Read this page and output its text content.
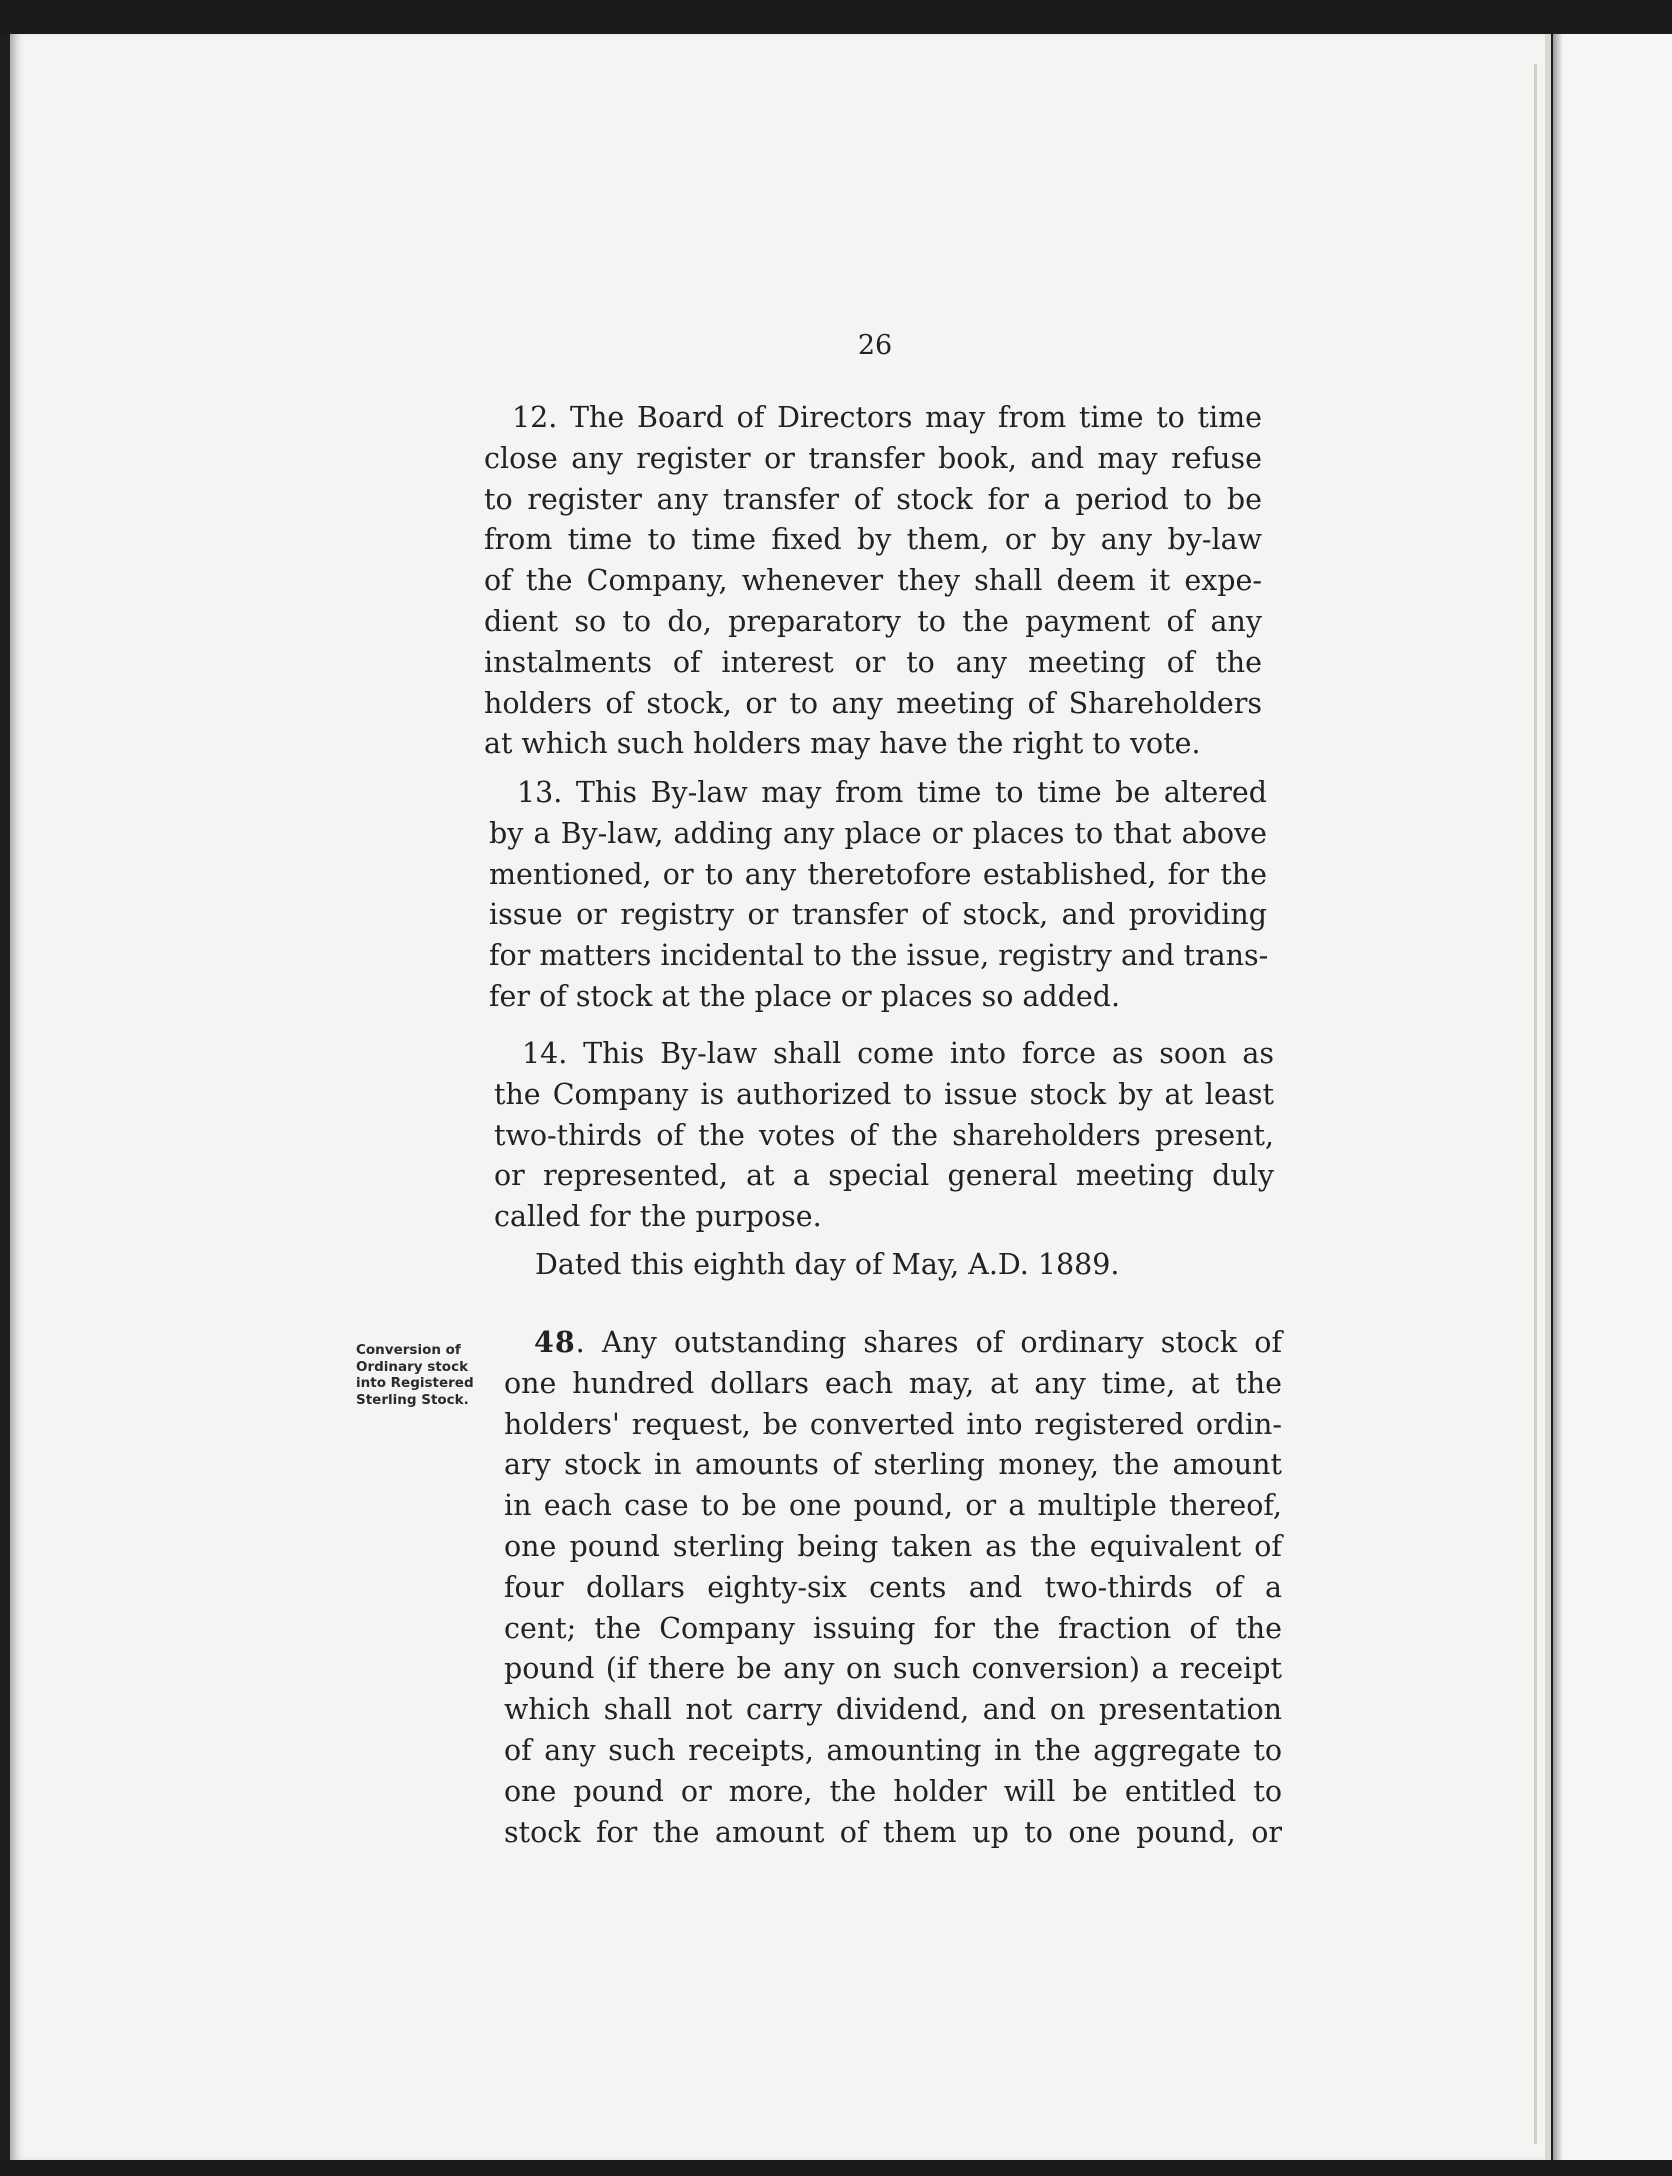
26
12. The Board of Directors may from time to time
close any register or transfer book, and may refuse
to register any transfer of stock for a period to be
from time to time fixed by them, or by any by-law
of the Company, whenever they shall deem it expe-
dient so to do, preparatory to the payment of any
instalments of interest or to any meeting of the
holders of stock, or to any meeting of Shareholders
at which such holders may have the right to vote.
13. This By-law may from time to time be altered
by a By-law, adding any place or places to that above
mentioned, or to any theretofore established, for the
issue or registry or transfer of stock, and providing
for matters incidental to the issue, registry and trans-
fer of stock at the place or places so added.
14. This By-law shall come into force as soon as
the Company is authorized to issue stock by at least
two-thirds of the votes of the shareholders present,
or represented, at a special general meeting duly
called for the purpose.
Dated this eighth day of May, A.D. 1889.
Conversion of
Ordinary stock
into Registered
Sterling Stock.
48. Any outstanding shares of ordinary stock of
one hundred dollars each may, at any time, at the
holders' request, be converted into registered ordin-
ary stock in amounts of sterling money, the amount
in each case to be one pound, or a multiple thereof,
one pound sterling being taken as the equivalent of
four dollars eighty-six cents and two-thirds of a
cent; the Company issuing for the fraction of the
pound (if there be any on such conversion) a receipt
which shall not carry dividend, and on presentation
of any such receipts, amounting in the aggregate to
one pound or more, the holder will be entitled to
stock for the amount of them up to one pound, or
